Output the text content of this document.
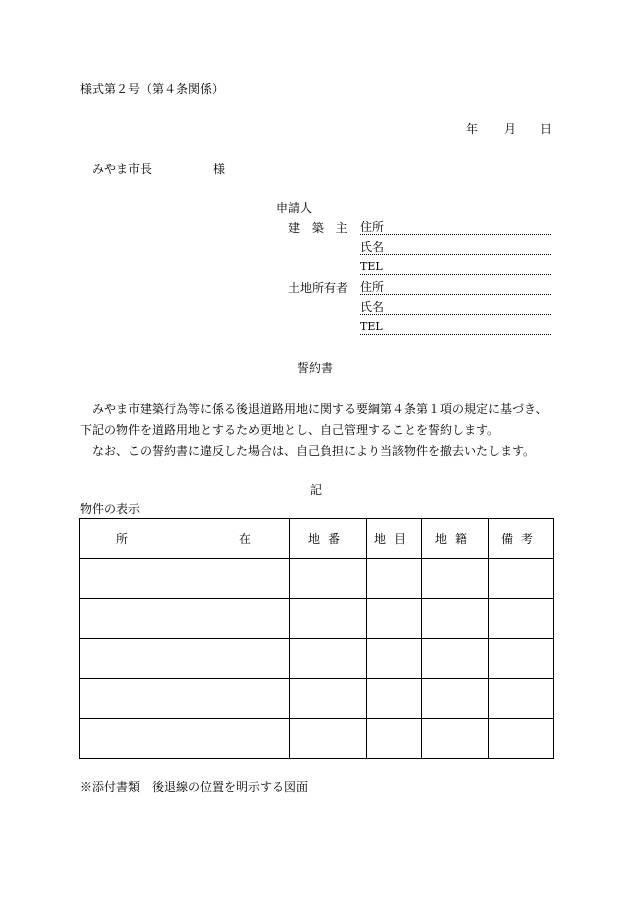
様式第２号（第４条関係）
年 月 日
みやま市長	様
申請人
建 築 主 住所
氏名
TEL
土地所有者 住所
氏名
TEL
誓約書
みやま市建築行為等に係る後退道路用地に関する要綱第４条第１項の規定に基づき、
下記の物件を道路用地とするため更地とし、自己管理することを誓約します。
なお、この誓約書に違反した場合は、自己負担により当該物件を撤去いたします。
記
物件の表示
所 在	地番	地目	地籍	備考

※添付書類　後退線の位置を明示する図面
